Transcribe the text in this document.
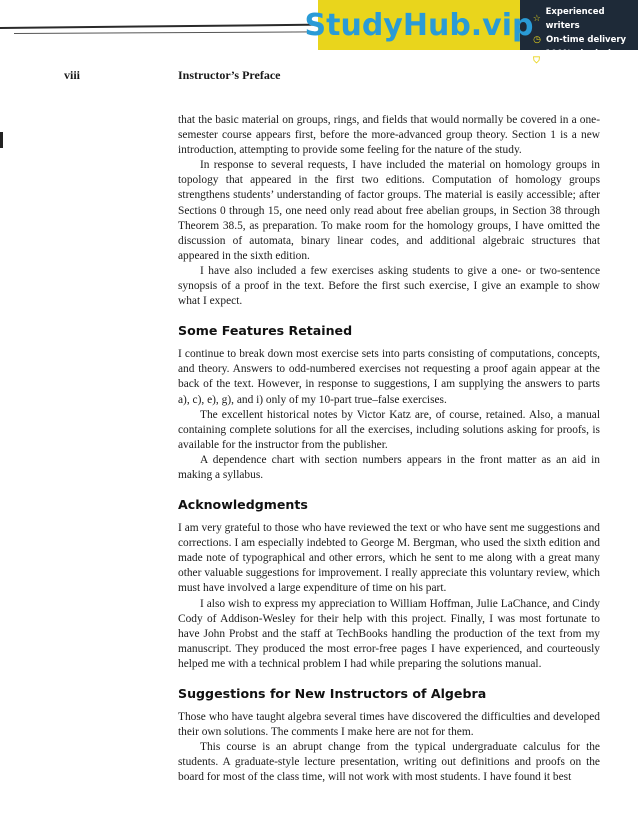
StudyHub.vip ☆
Experienced writers
◷ On-time delivery
⛉
100% plagiarism free
viii	Instructor’s Preface

that the basic material on groups, rings, and fields that would normally be covered in a one-semester course appears first, before the more-advanced group theory. Section 1 is a new introduction, attempting to provide some feeling for the nature of the study.

In response to several requests, I have included the material on homology groups in topology that appeared in the first two editions. Computation of homology groups strengthens students’ understanding of factor groups. The material is easily accessible; after Sections 0 through 15, one need only read about free abelian groups, in Section 38 through Theorem 38.5, as preparation. To make room for the homology groups, I have omitted the discussion of automata, binary linear codes, and additional algebraic structures that appeared in the sixth edition.

I have also included a few exercises asking students to give a one- or two-sentence synopsis of a proof in the text. Before the first such exercise, I give an example to show what I expect.

Some Features Retained

I continue to break down most exercise sets into parts consisting of computations, concepts, and theory. Answers to odd-numbered exercises not requesting a proof again appear at the back of the text. However, in response to suggestions, I am supplying the answers to parts a), c), e), g), and i) only of my 10-part true–false exercises.

The excellent historical notes by Victor Katz are, of course, retained. Also, a manual containing complete solutions for all the exercises, including solutions asking for proofs, is available for the instructor from the publisher.

A dependence chart with section numbers appears in the front matter as an aid in making a syllabus.

Acknowledgments

I am very grateful to those who have reviewed the text or who have sent me suggestions and corrections. I am especially indebted to George M. Bergman, who used the sixth edition and made note of typographical and other errors, which he sent to me along with a great many other valuable suggestions for improvement. I really appreciate this voluntary review, which must have involved a large expenditure of time on his part.

I also wish to express my appreciation to William Hoffman, Julie LaChance, and Cindy Cody of Addison-Wesley for their help with this project. Finally, I was most fortunate to have John Probst and the staff at TechBooks handling the production of the text from my manuscript. They produced the most error-free pages I have experienced, and courteously helped me with a technical problem I had while preparing the solutions manual.

Suggestions for New Instructors of Algebra

Those who have taught algebra several times have discovered the difficulties and developed their own solutions. The comments I make here are not for them.

This course is an abrupt change from the typical undergraduate calculus for the students. A graduate-style lecture presentation, writing out definitions and proofs on the board for most of the class time, will not work with most students. I have found it best
